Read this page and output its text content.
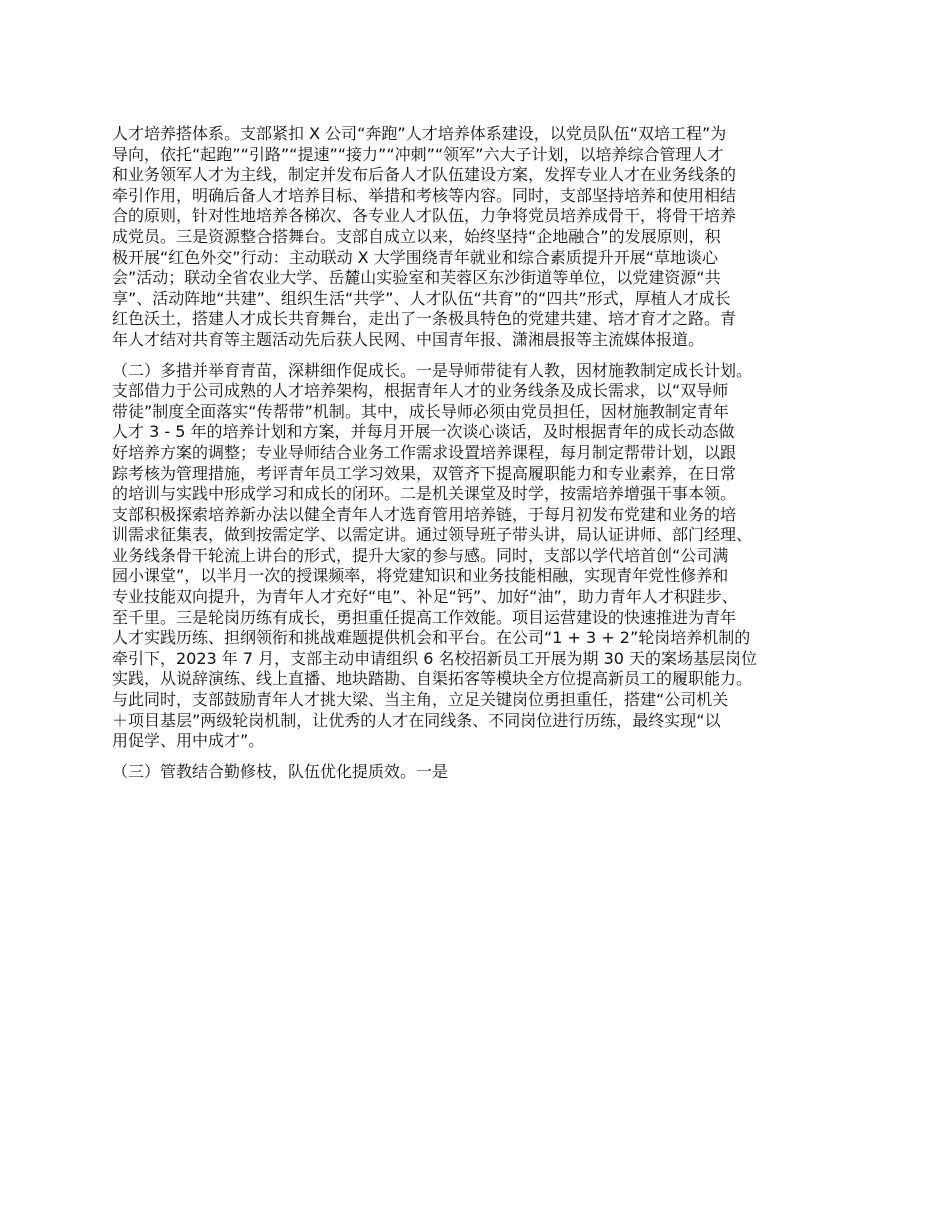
人才培养搭体系。支部紧扣 X 公司“奔跑”人才培养体系建设，以党员队伍“双培工程”为
导向，依托“起跑”“引路”“提速”“接力”“冲刺”“领军”六大子计划，以培养综合管理人才
和业务领军人才为主线，制定并发布后备人才队伍建设方案，发挥专业人才在业务线条的
牵引作用，明确后备人才培养目标、举措和考核等内容。同时，支部坚持培养和使用相结
合的原则，针对性地培养各梯次、各专业人才队伍，力争将党员培养成骨干，将骨干培养
成党员。三是资源整合搭舞台。支部自成立以来，始终坚持“企地融合”的发展原则，积
极开展“红色外交”行动：主动联动 X 大学围绕青年就业和综合素质提升开展“草地谈心
会”活动；联动全省农业大学、岳麓山实验室和芙蓉区东沙街道等单位，以党建资源“共
享”、活动阵地“共建”、组织生活“共学”、人才队伍“共育”的“四共”形式，厚植人才成长
红色沃土，搭建人才成长共育舞台，走出了一条极具特色的党建共建、培才育才之路。青
年人才结对共育等主题活动先后获人民网、中国青年报、潇湘晨报等主流媒体报道。

（二）多措并举育青苗，深耕细作促成长。一是导师带徒有人教，因材施教制定成长计划。
支部借力于公司成熟的人才培养架构，根据青年人才的业务线条及成长需求，以“双导师
带徒”制度全面落实“传帮带”机制。其中，成长导师必须由党员担任，因材施教制定青年
人才 3 - 5 年的培养计划和方案，并每月开展一次谈心谈话，及时根据青年的成长动态做
好培养方案的调整；专业导师结合业务工作需求设置培养课程，每月制定帮带计划，以跟
踪考核为管理措施，考评青年员工学习效果，双管齐下提高履职能力和专业素养，在日常
的培训与实践中形成学习和成长的闭环。二是机关课堂及时学，按需培养增强干事本领。
支部积极探索培养新办法以健全青年人才选育管用培养链，于每月初发布党建和业务的培
训需求征集表，做到按需定学、以需定讲。通过领导班子带头讲，局认证讲师、部门经理、
业务线条骨干轮流上讲台的形式，提升大家的参与感。同时，支部以学代培首创“公司满
园小课堂”，以半月一次的授课频率，将党建知识和业务技能相融，实现青年党性修养和
专业技能双向提升，为青年人才充好“电”、补足“钙”、加好“油”，助力青年人才积跬步、
至千里。三是轮岗历练有成长，勇担重任提高工作效能。项目运营建设的快速推进为青年
人才实践历练、担纲领衔和挑战难题提供机会和平台。在公司“1 + 3 + 2”轮岗培养机制的
牵引下，2023 年 7 月，支部主动申请组织 6 名校招新员工开展为期 30 天的案场基层岗位
实践，从说辞演练、线上直播、地块踏勘、自渠拓客等模块全方位提高新员工的履职能力。
与此同时，支部鼓励青年人才挑大梁、当主角，立足关键岗位勇担重任，搭建“公司机关
＋项目基层”两级轮岗机制，让优秀的人才在同线条、不同岗位进行历练，最终实现“以
用促学、用中成才”。

（三）管教结合勤修枝，队伍优化提质效。一是
